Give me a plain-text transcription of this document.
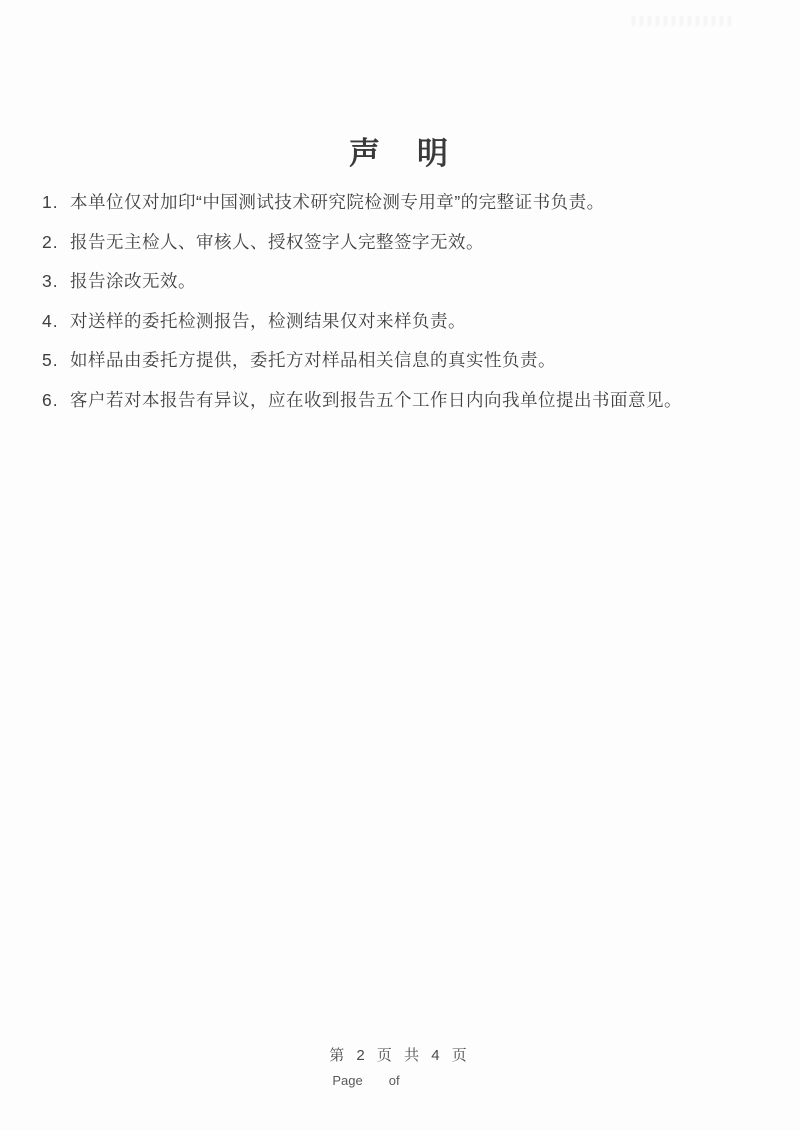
声　明
1. 本单位仅对加印“中国测试技术研究院检测专用章”的完整证书负责。
2. 报告无主检人、审核人、授权签字人完整签字无效。
3. 报告涂改无效。
4. 对送样的委托检测报告，检测结果仅对来样负责。
5. 如样品由委托方提供，委托方对样品相关信息的真实性负责。
6. 客户若对本报告有异议，应在收到报告五个工作日内向我单位提出书面意见。
第 2 页 共 4 页
Page of
